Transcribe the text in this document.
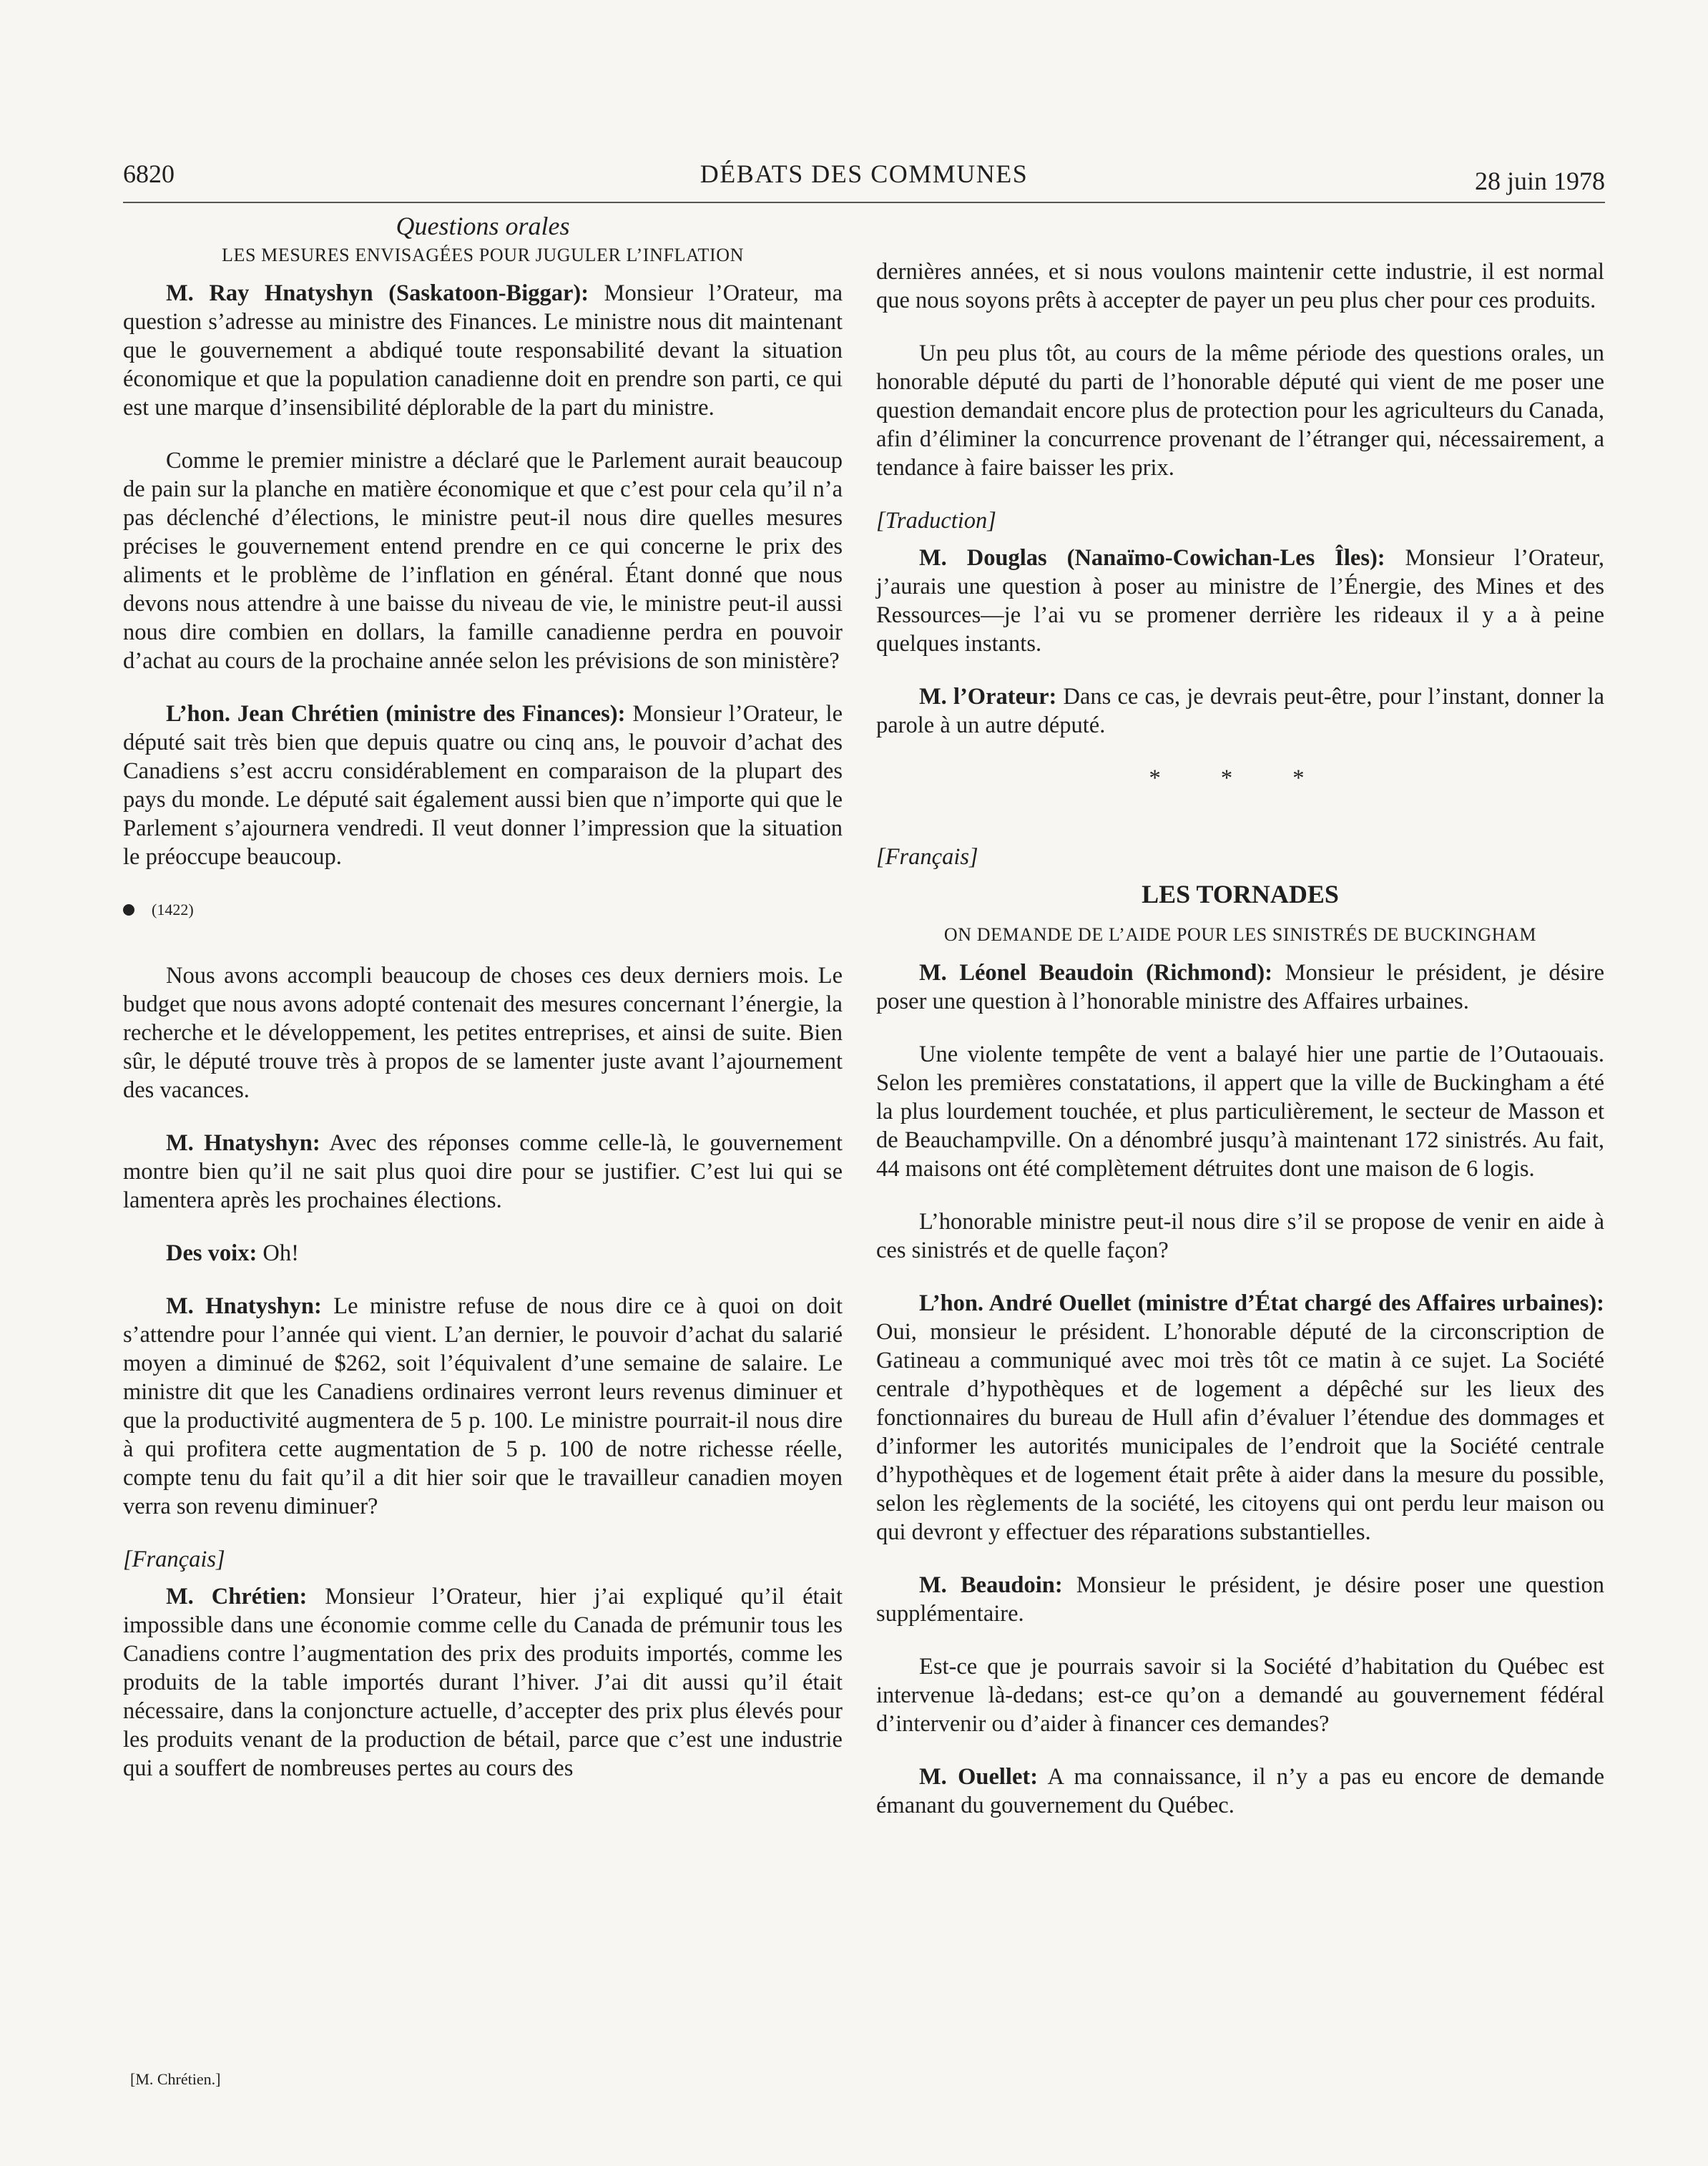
6820	DÉBATS DES COMMUNES	28 juin 1978
Questions orales
LES MESURES ENVISAGÉES POUR JUGULER L’INFLATION

M. Ray Hnatyshyn (Saskatoon-Biggar): Monsieur l’Orateur, ma question s’adresse au ministre des Finances. Le ministre nous dit maintenant que le gouvernement a abdiqué toute responsabilité devant la situation économique et que la population canadienne doit en prendre son parti, ce qui est une marque d’insensibilité déplorable de la part du ministre.

Comme le premier ministre a déclaré que le Parlement aurait beaucoup de pain sur la planche en matière économique et que c’est pour cela qu’il n’a pas déclenché d’élections, le ministre peut-il nous dire quelles mesures précises le gouvernement entend prendre en ce qui concerne le prix des aliments et le problème de l’inflation en général. Étant donné que nous devons nous attendre à une baisse du niveau de vie, le ministre peut-il aussi nous dire combien en dollars, la famille canadienne perdra en pouvoir d’achat au cours de la prochaine année selon les prévisions de son ministère?

L’hon. Jean Chrétien (ministre des Finances): Monsieur l’Orateur, le député sait très bien que depuis quatre ou cinq ans, le pouvoir d’achat des Canadiens s’est accru considérablement en comparaison de la plupart des pays du monde. Le député sait également aussi bien que n’importe qui que le Parlement s’ajournera vendredi. Il veut donner l’impression que la situation le préoccupe beaucoup.

(1422)

Nous avons accompli beaucoup de choses ces deux derniers mois. Le budget que nous avons adopté contenait des mesures concernant l’énergie, la recherche et le développement, les petites entreprises, et ainsi de suite. Bien sûr, le député trouve très à propos de se lamenter juste avant l’ajournement des vacances.

M. Hnatyshyn: Avec des réponses comme celle-là, le gouvernement montre bien qu’il ne sait plus quoi dire pour se justifier. C’est lui qui se lamentera après les prochaines élections.

Des voix: Oh!

M. Hnatyshyn: Le ministre refuse de nous dire ce à quoi on doit s’attendre pour l’année qui vient. L’an dernier, le pouvoir d’achat du salarié moyen a diminué de $262, soit l’équivalent d’une semaine de salaire. Le ministre dit que les Canadiens ordinaires verront leurs revenus diminuer et que la productivité augmentera de 5 p. 100. Le ministre pourrait-il nous dire à qui profitera cette augmentation de 5 p. 100 de notre richesse réelle, compte tenu du fait qu’il a dit hier soir que le travailleur canadien moyen verra son revenu diminuer?

[Français]

M. Chrétien: Monsieur l’Orateur, hier j’ai expliqué qu’il était impossible dans une économie comme celle du Canada de prémunir tous les Canadiens contre l’augmentation des prix des produits importés, comme les produits de la table importés durant l’hiver. J’ai dit aussi qu’il était nécessaire, dans la conjoncture actuelle, d’accepter des prix plus élevés pour les produits venant de la production de bétail, parce que c’est une industrie qui a souffert de nombreuses pertes au cours des

[M. Chrétien.]

dernières années, et si nous voulons maintenir cette industrie, il est normal que nous soyons prêts à accepter de payer un peu plus cher pour ces produits.

Un peu plus tôt, au cours de la même période des questions orales, un honorable député du parti de l’honorable député qui vient de me poser une question demandait encore plus de protection pour les agriculteurs du Canada, afin d’éliminer la concurrence provenant de l’étranger qui, nécessairement, a tendance à faire baisser les prix.

[Traduction]

M. Douglas (Nanaïmo-Cowichan-Les Îles): Monsieur l’Orateur, j’aurais une question à poser au ministre de l’Énergie, des Mines et des Ressources—je l’ai vu se promener derrière les rideaux il y a à peine quelques instants.

M. l’Orateur: Dans ce cas, je devrais peut-être, pour l’instant, donner la parole à un autre député.

* * *
[Français]
LES TORNADES
ON DEMANDE DE L’AIDE POUR LES SINISTRÉS DE BUCKINGHAM

M. Léonel Beaudoin (Richmond): Monsieur le président, je désire poser une question à l’honorable ministre des Affaires urbaines.

Une violente tempête de vent a balayé hier une partie de l’Outaouais. Selon les premières constatations, il appert que la ville de Buckingham a été la plus lourdement touchée, et plus particulièrement, le secteur de Masson et de Beauchampville. On a dénombré jusqu’à maintenant 172 sinistrés. Au fait, 44 maisons ont été complètement détruites dont une maison de 6 logis.

L’honorable ministre peut-il nous dire s’il se propose de venir en aide à ces sinistrés et de quelle façon?

L’hon. André Ouellet (ministre d’État chargé des Affaires urbaines): Oui, monsieur le président. L’honorable député de la circonscription de Gatineau a communiqué avec moi très tôt ce matin à ce sujet. La Société centrale d’hypothèques et de logement a dépêché sur les lieux des fonctionnaires du bureau de Hull afin d’évaluer l’étendue des dommages et d’informer les autorités municipales de l’endroit que la Société centrale d’hypothèques et de logement était prête à aider dans la mesure du possible, selon les règlements de la société, les citoyens qui ont perdu leur maison ou qui devront y effectuer des réparations substantielles.

M. Beaudoin: Monsieur le président, je désire poser une question supplémentaire.

Est-ce que je pourrais savoir si la Société d’habitation du Québec est intervenue là-dedans; est-ce qu’on a demandé au gouvernement fédéral d’intervenir ou d’aider à financer ces demandes?

M. Ouellet: A ma connaissance, il n’y a pas eu encore de demande émanant du gouvernement du Québec.
